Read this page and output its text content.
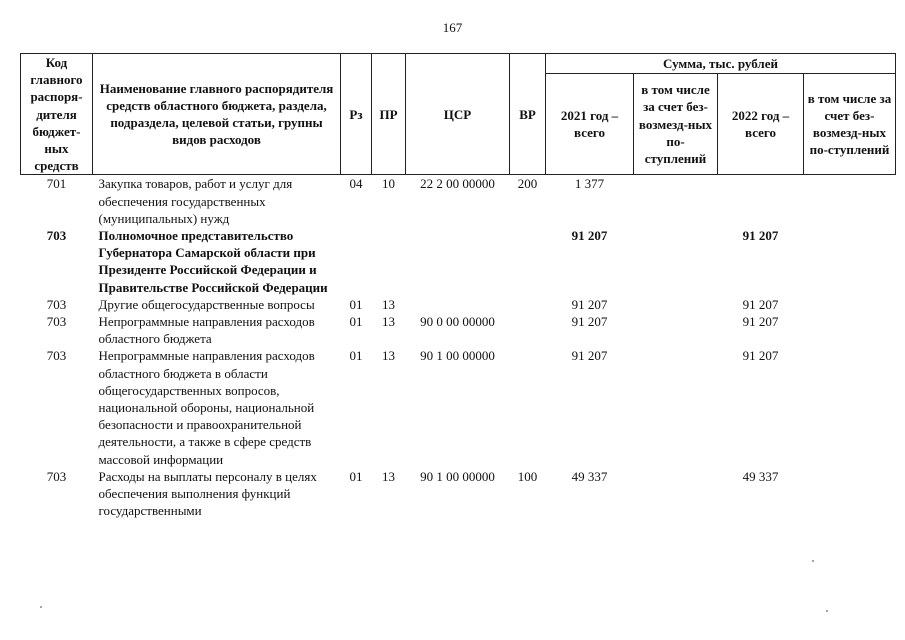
167
Код главного распоря-дителя бюджет-ных средств	Наименование главного распорядителя средств областного бюджета, раздела, подраздела, целевой статьи, групны видов расходов	Рз	ПР	ЦСР	ВР	Сумма, тыс. рублей			
						2021 год – всего	в том числе за счет без-возмезд-ных по-ступлений	2022 год – всего	в том числе за счет без-возмезд-ных по-ступлений
701	Закупка товаров, работ и услуг для обеспечения государственных (муниципальных) нужд	04	10	22 2 00 00000	200	1 377			
703	Полномочное представительство Губернатора Самарской области при Президенте Российской Федерации и Правительстве Российской Федерации					91 207		91 207	
703	Другие общегосударственные вопросы	01	13			91 207		91 207	
703	Непрограммные направления расходов областного бюджета	01	13	90 0 00 00000		91 207		91 207	
703	Непрограммные направления расходов областного бюджета в области общегосударственных вопросов, национальной обороны, национальной безопасности и правоохранительной деятельности, а также в сфере средств массовой информации	01	13	90 1 00 00000		91 207		91 207	
703	Расходы на выплаты персоналу в целях обеспечения выполнения функций государственными	01	13	90 1 00 00000	100	49 337		49 337	
